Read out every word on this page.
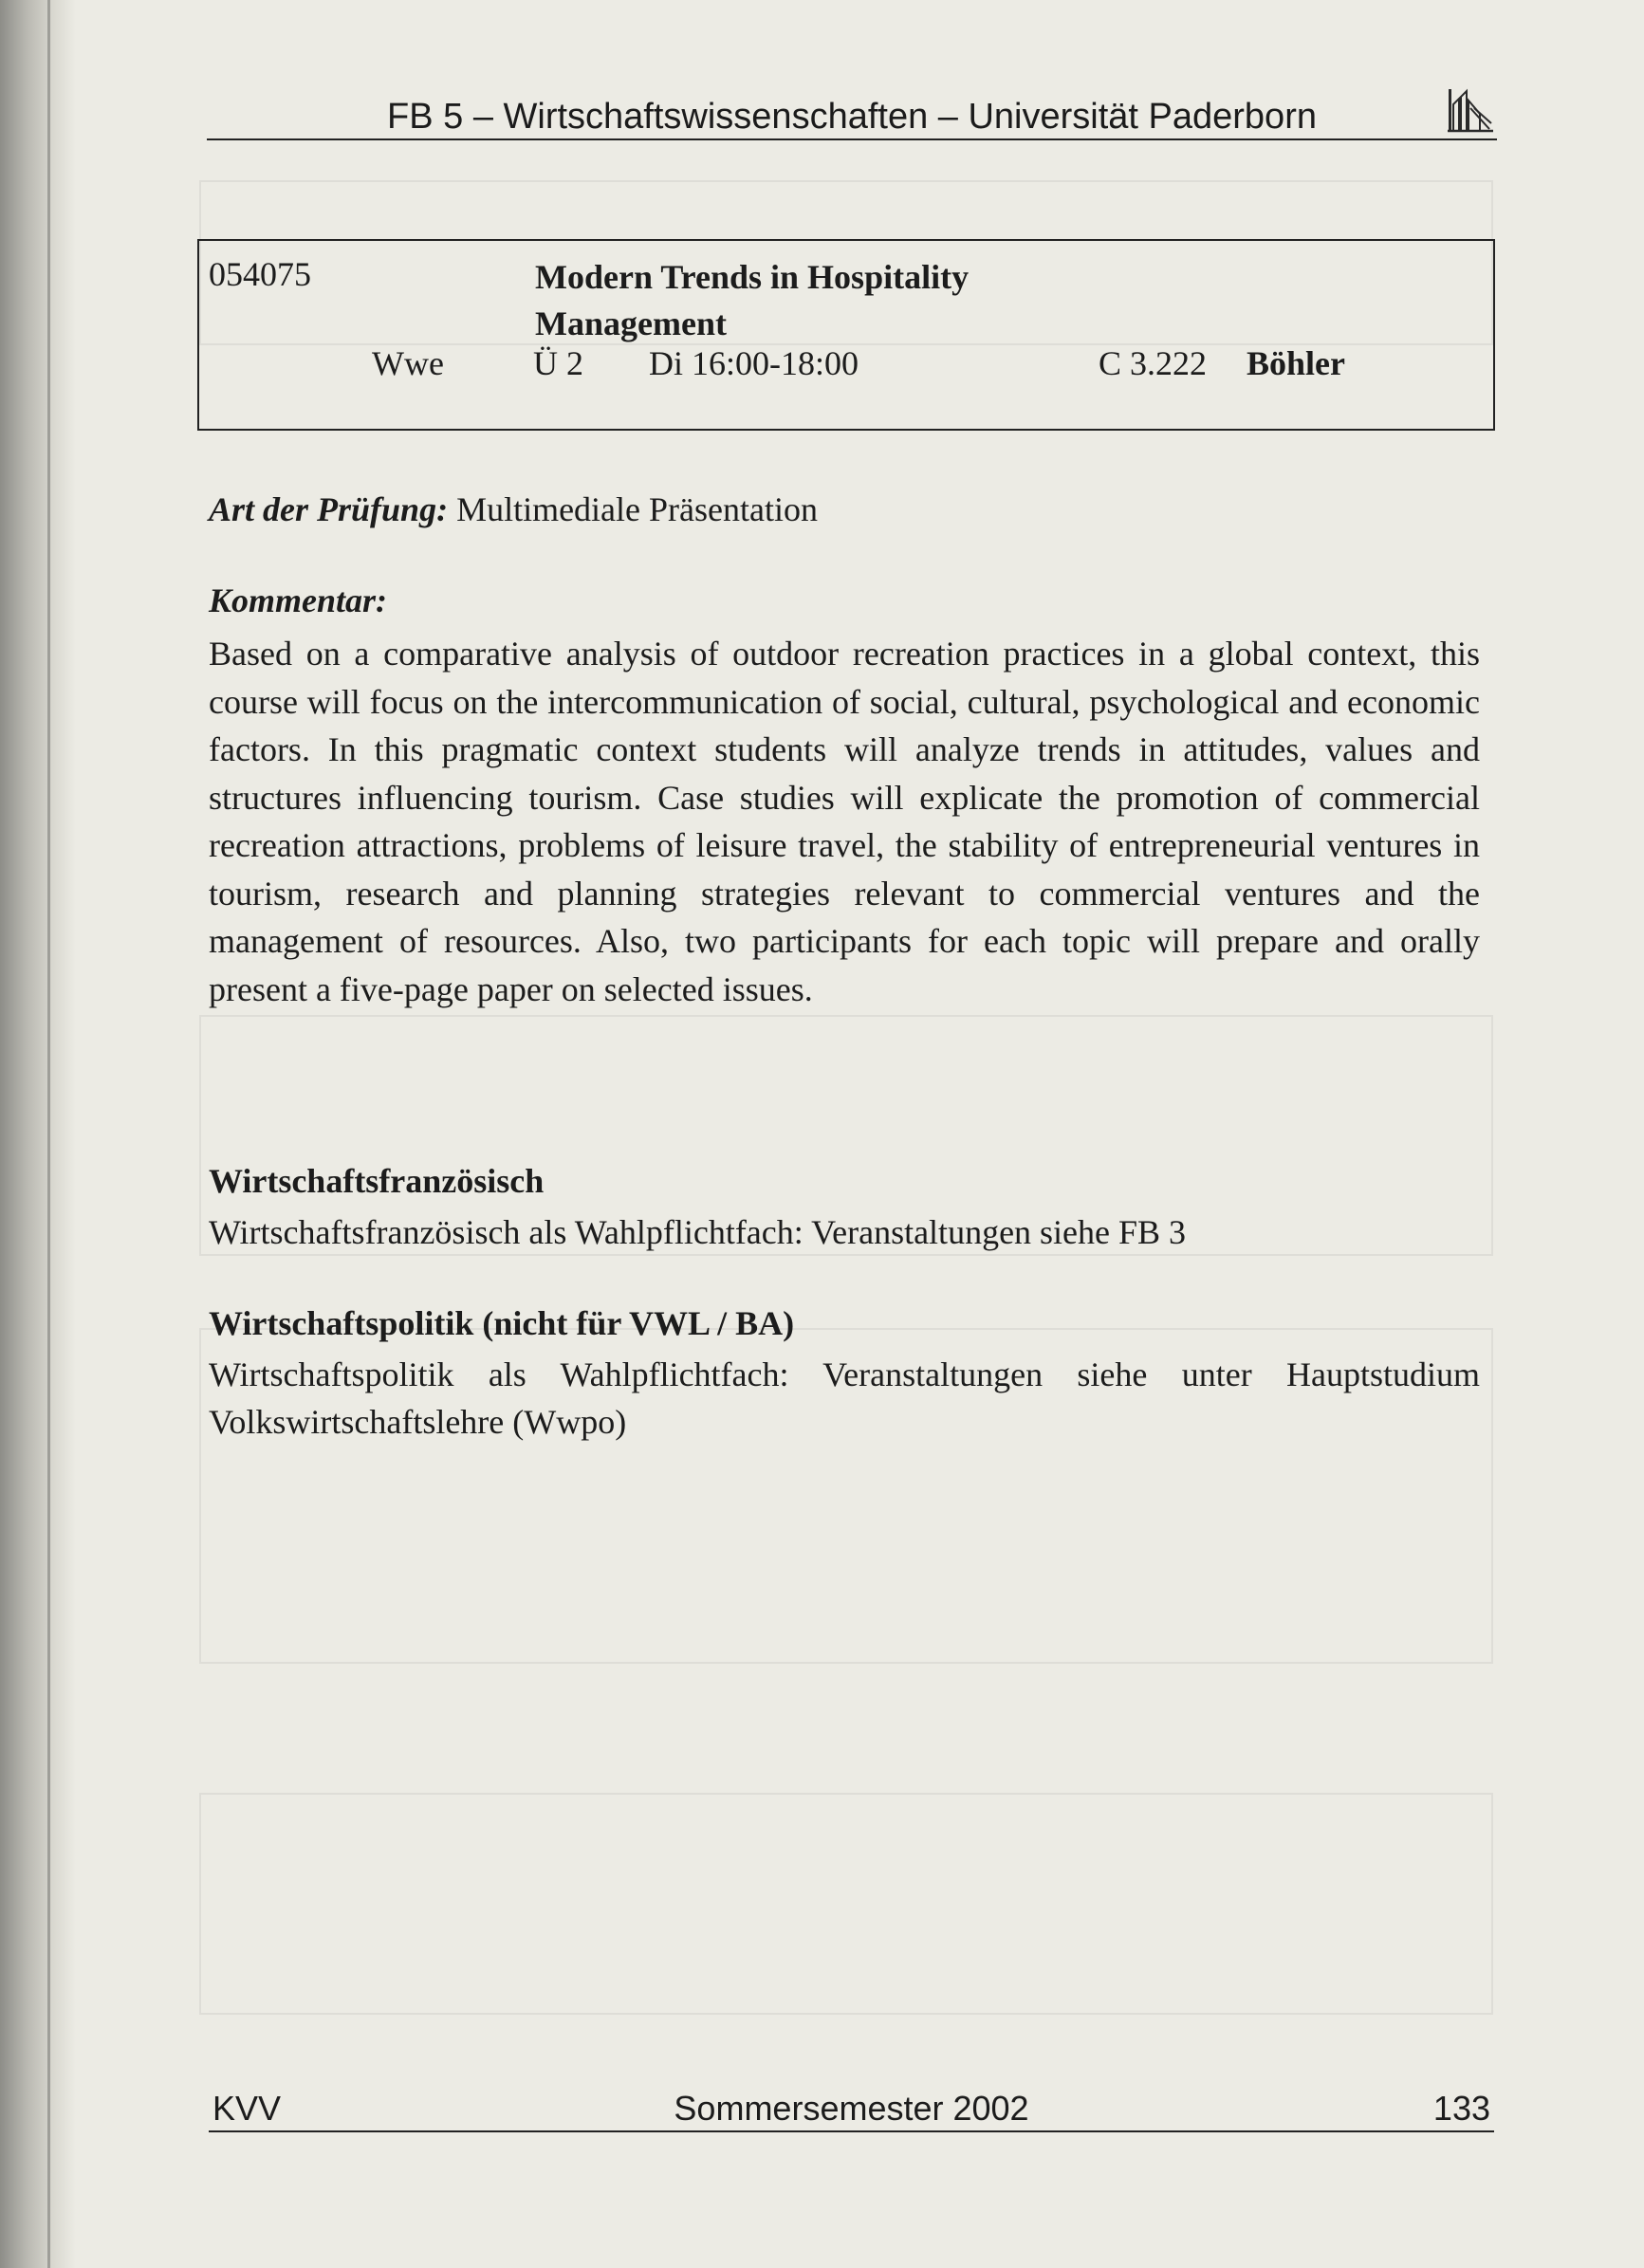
FB 5 – Wirtschaftswissenschaften – Universität Paderborn
054075	Modern Trends in Hospitality
Management
Wwe	Ü 2 Di 16:00-18:00	C 3.222 Böhler
Art der Prüfung: Multimediale Präsentation
Kommentar:

Based on a comparative analysis of outdoor recreation practices in a global context, this course will focus on the intercommunication of social, cultural, psychological and economic factors. In this pragmatic context students will analyze trends in attitudes, values and structures influencing tourism. Case studies will explicate the promotion of commercial recreation attractions, problems of leisure travel, the stability of entrepreneurial ventures in tourism, research and planning strategies relevant to commercial ventures and the management of resources. Also, two participants for each topic will prepare and orally present a five-page paper on selected issues.

Wirtschaftsfranzösisch

Wirtschaftsfranzösisch als Wahlpflichtfach: Veranstaltungen siehe FB 3

Wirtschaftspolitik (nicht für VWL / BA)

Wirtschaftspolitik als Wahlpflichtfach: Veranstaltungen siehe unter Hauptstudium Volkswirtschaftslehre (Wwpo)

KVV	Sommersemester 2002	133
